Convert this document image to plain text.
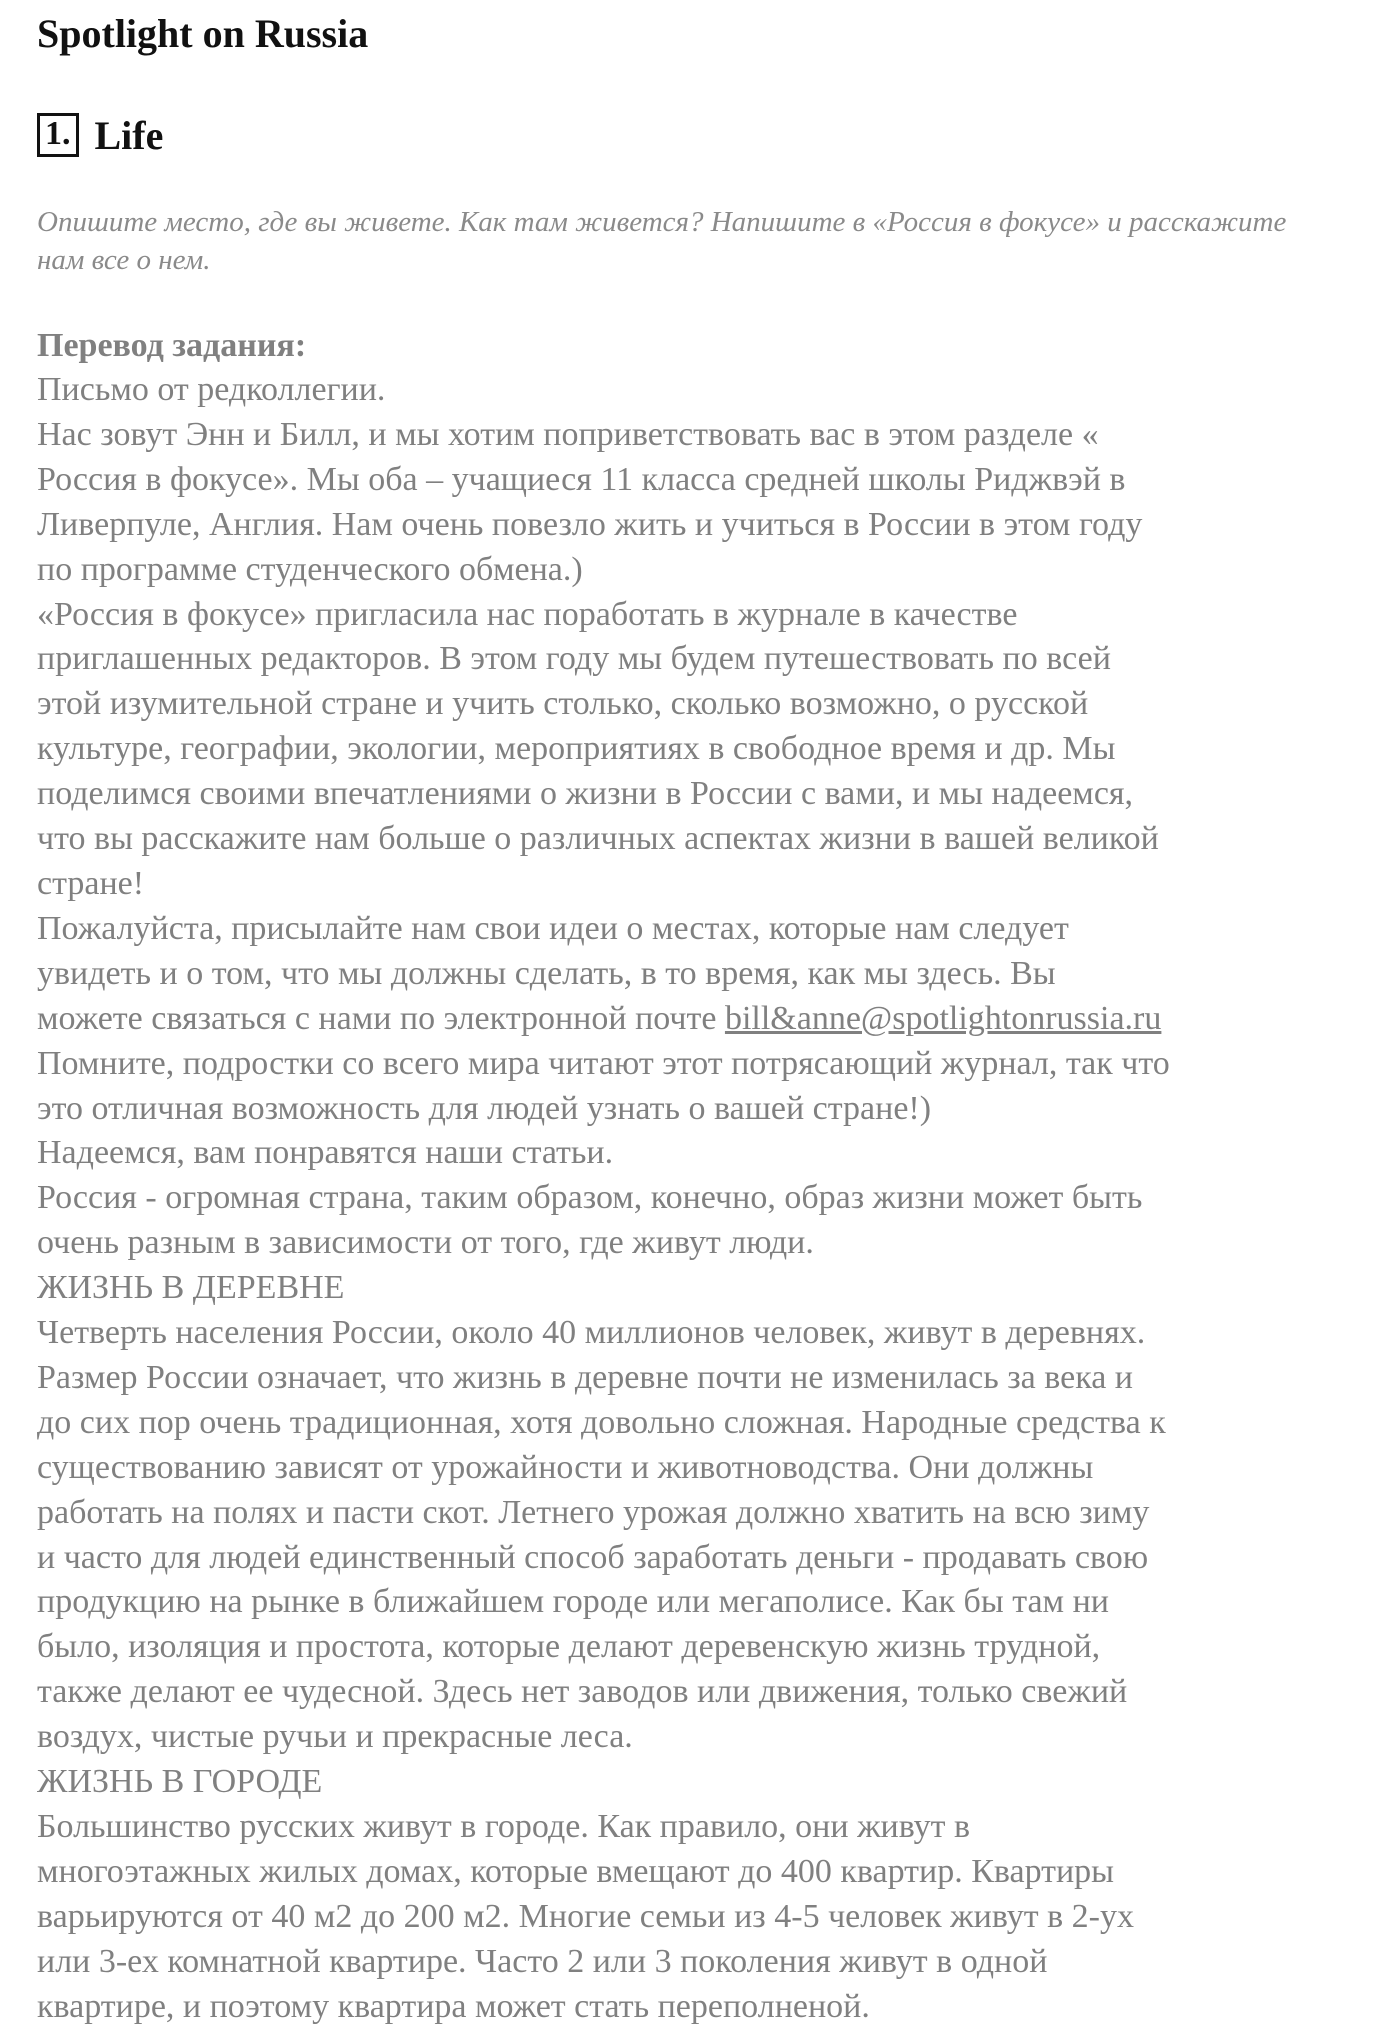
Spotlight on Russia
1. Life

Опишите место, где вы живете. Как там живется? Напишите в «Россия в фокусе» и расскажите нам все о нем.

Перевод задания:
Письмо от редколлегии.
Нас зовут Энн и Билл, и мы хотим поприветствовать вас в этом разделе «
Россия в фокусе». Мы оба – учащиеся 11 класса средней школы Риджвэй в
Ливерпуле, Англия. Нам очень повезло жить и учиться в России в этом году
по программе студенческого обмена.)
«Россия в фокусе» пригласила нас поработать в журнале в качестве
приглашенных редакторов. В этом году мы будем путешествовать по всей
этой изумительной стране и учить столько, сколько возможно, о русской
культуре, географии, экологии, мероприятиях в свободное время и др. Мы
поделимся своими впечатлениями о жизни в России с вами, и мы надеемся,
что вы расскажите нам больше о различных аспектах жизни в вашей великой
стране!
Пожалуйста, присылайте нам свои идеи о местах, которые нам следует
увидеть и о том, что мы должны сделать, в то время, как мы здесь. Вы
можете связаться с нами по электронной почте bill&anne@spotlightonrussia.ru
Помните, подростки со всего мира читают этот потрясающий журнал, так что
это отличная возможность для людей узнать о вашей стране!)
Надеемся, вам понравятся наши статьи.
Россия - огромная страна, таким образом, конечно, образ жизни может быть
очень разным в зависимости от того, где живут люди.
ЖИЗНЬ В ДЕРЕВНЕ
Четверть населения России, около 40 миллионов человек, живут в деревнях.
Размер России означает, что жизнь в деревне почти не изменилась за века и
до сих пор очень традиционная, хотя довольно сложная. Народные средства к
существованию зависят от урожайности и животноводства. Они должны
работать на полях и пасти скот. Летнего урожая должно хватить на всю зиму
и часто для людей единственный способ заработать деньги - продавать свою
продукцию на рынке в ближайшем городе или мегаполисе. Как бы там ни
было, изоляция и простота, которые делают деревенскую жизнь трудной,
также делают ее чудесной. Здесь нет заводов или движения, только свежий
воздух, чистые ручьи и прекрасные леса.
ЖИЗНЬ В ГОРОДЕ
Большинство русских живут в городе. Как правило, они живут в
многоэтажных жилых домах, которые вмещают до 400 квартир. Квартиры
варьируются от 40 м2 до 200 м2. Многие семьи из 4-5 человек живут в 2-ух
или 3-ех комнатной квартире. Часто 2 или 3 поколения живут в одной
квартире, и поэтому квартира может стать переполненой.
